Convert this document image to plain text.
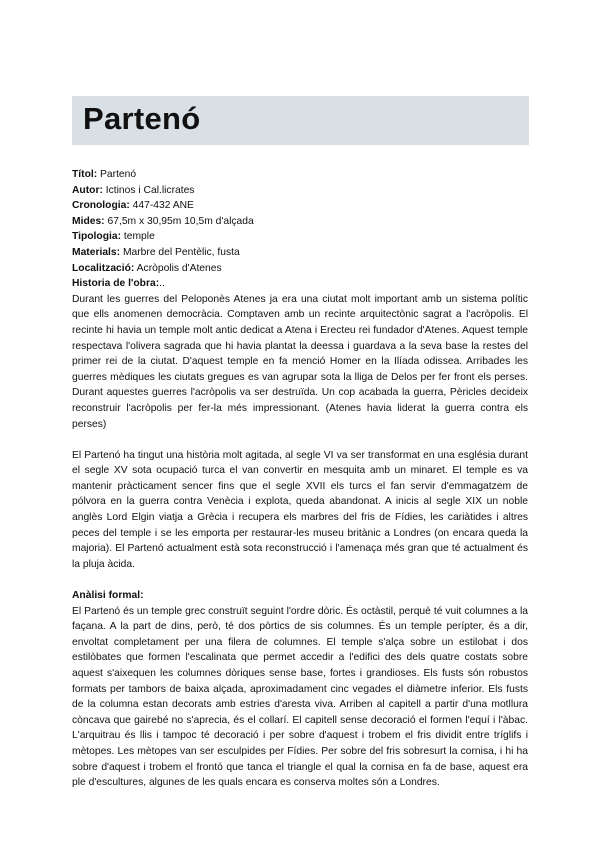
Partenó
Títol: Partenó
Autor: Ictinos i Cal.licrates
Cronologia: 447-432 ANE
Mides: 67,5m x 30,95m 10,5m d'alçada
Tipologia: temple
Materials: Marbre del Pentèlic, fusta
Localització: Acròpolis d'Atenes
Historia de l'obra:..

Durant les guerres del Peloponès Atenes ja era una ciutat molt important amb un sistema polític que ells anomenen democràcia. Comptaven amb un recinte arquitectònic sagrat a l'acròpolis. El recinte hi havia un temple molt antic dedicat a Atena i Erecteu rei fundador d'Atenes. Aquest temple respectava l'olivera sagrada que hi havia plantat la deessa i guardava a la seva base la restes del primer rei de la ciutat. D'aquest temple en fa menció Homer en la Ilíada odissea. Arribades les guerres mèdiques les ciutats gregues es van agrupar sota la lliga de Delos per fer front els perses. Durant aquestes guerres l'acròpolis va ser destruïda. Un cop acabada la guerra, Pèricles decideix reconstruir l'acròpolis per fer-la més impressionant. (Atenes havia liderat la guerra contra els perses)

El Partenó ha tingut una història molt agitada, al segle VI va ser transformat en una església durant el segle XV sota ocupació turca el van convertir en mesquita amb un minaret. El temple es va mantenir pràcticament sencer fins que el segle XVII els turcs el fan servir d'emmagatzem de pólvora en la guerra contra Venècia i explota, queda abandonat. A inicis al segle XIX un noble anglès Lord Elgin viatja a Grècia i recupera els marbres del fris de Fídies, les cariàtides i altres peces del temple i se les emporta per restaurar-les museu britànic a Londres (on encara queda la majoria). El Partenó actualment està sota reconstrucció i l'amenaça més gran que té actualment és la pluja àcida.

Anàlisi formal:

El Partenó és un temple grec construït seguint l'ordre dòric. És octàstil, perquè té vuit columnes a la façana. A la part de dins, però, té dos pòrtics de sis columnes. És un temple perípter, és a dir, envoltat completament per una filera de columnes. El temple s'alça sobre un estilobat i dos estilòbates que formen l'escalinata que permet accedir a l'edifici des dels quatre costats sobre aquest s'aixequen les columnes dòriques sense base, fortes i grandioses. Els fusts són robustos formats per tambors de baixa alçada, aproximadament cinc vegades el diàmetre inferior. Els fusts de la columna estan decorats amb estries d'aresta viva. Arriben al capitell a partir d'una motllura còncava que gairebé no s'aprecia, és el collarí. El capitell sense decoració el formen l'equí i l'àbac. L'arquitrau és llis i tampoc té decoració i per sobre d'aquest i trobem el fris dividit entre tríglifs i mètopes. Les mètopes van ser esculpides per Fídies. Per sobre del fris sobresurt la cornisa, i hi ha sobre d'aquest i trobem el frontó que tanca el triangle el qual la cornisa en fa de base, aquest era ple d'escultures, algunes de les quals encara es conserva moltes són a Londres.
